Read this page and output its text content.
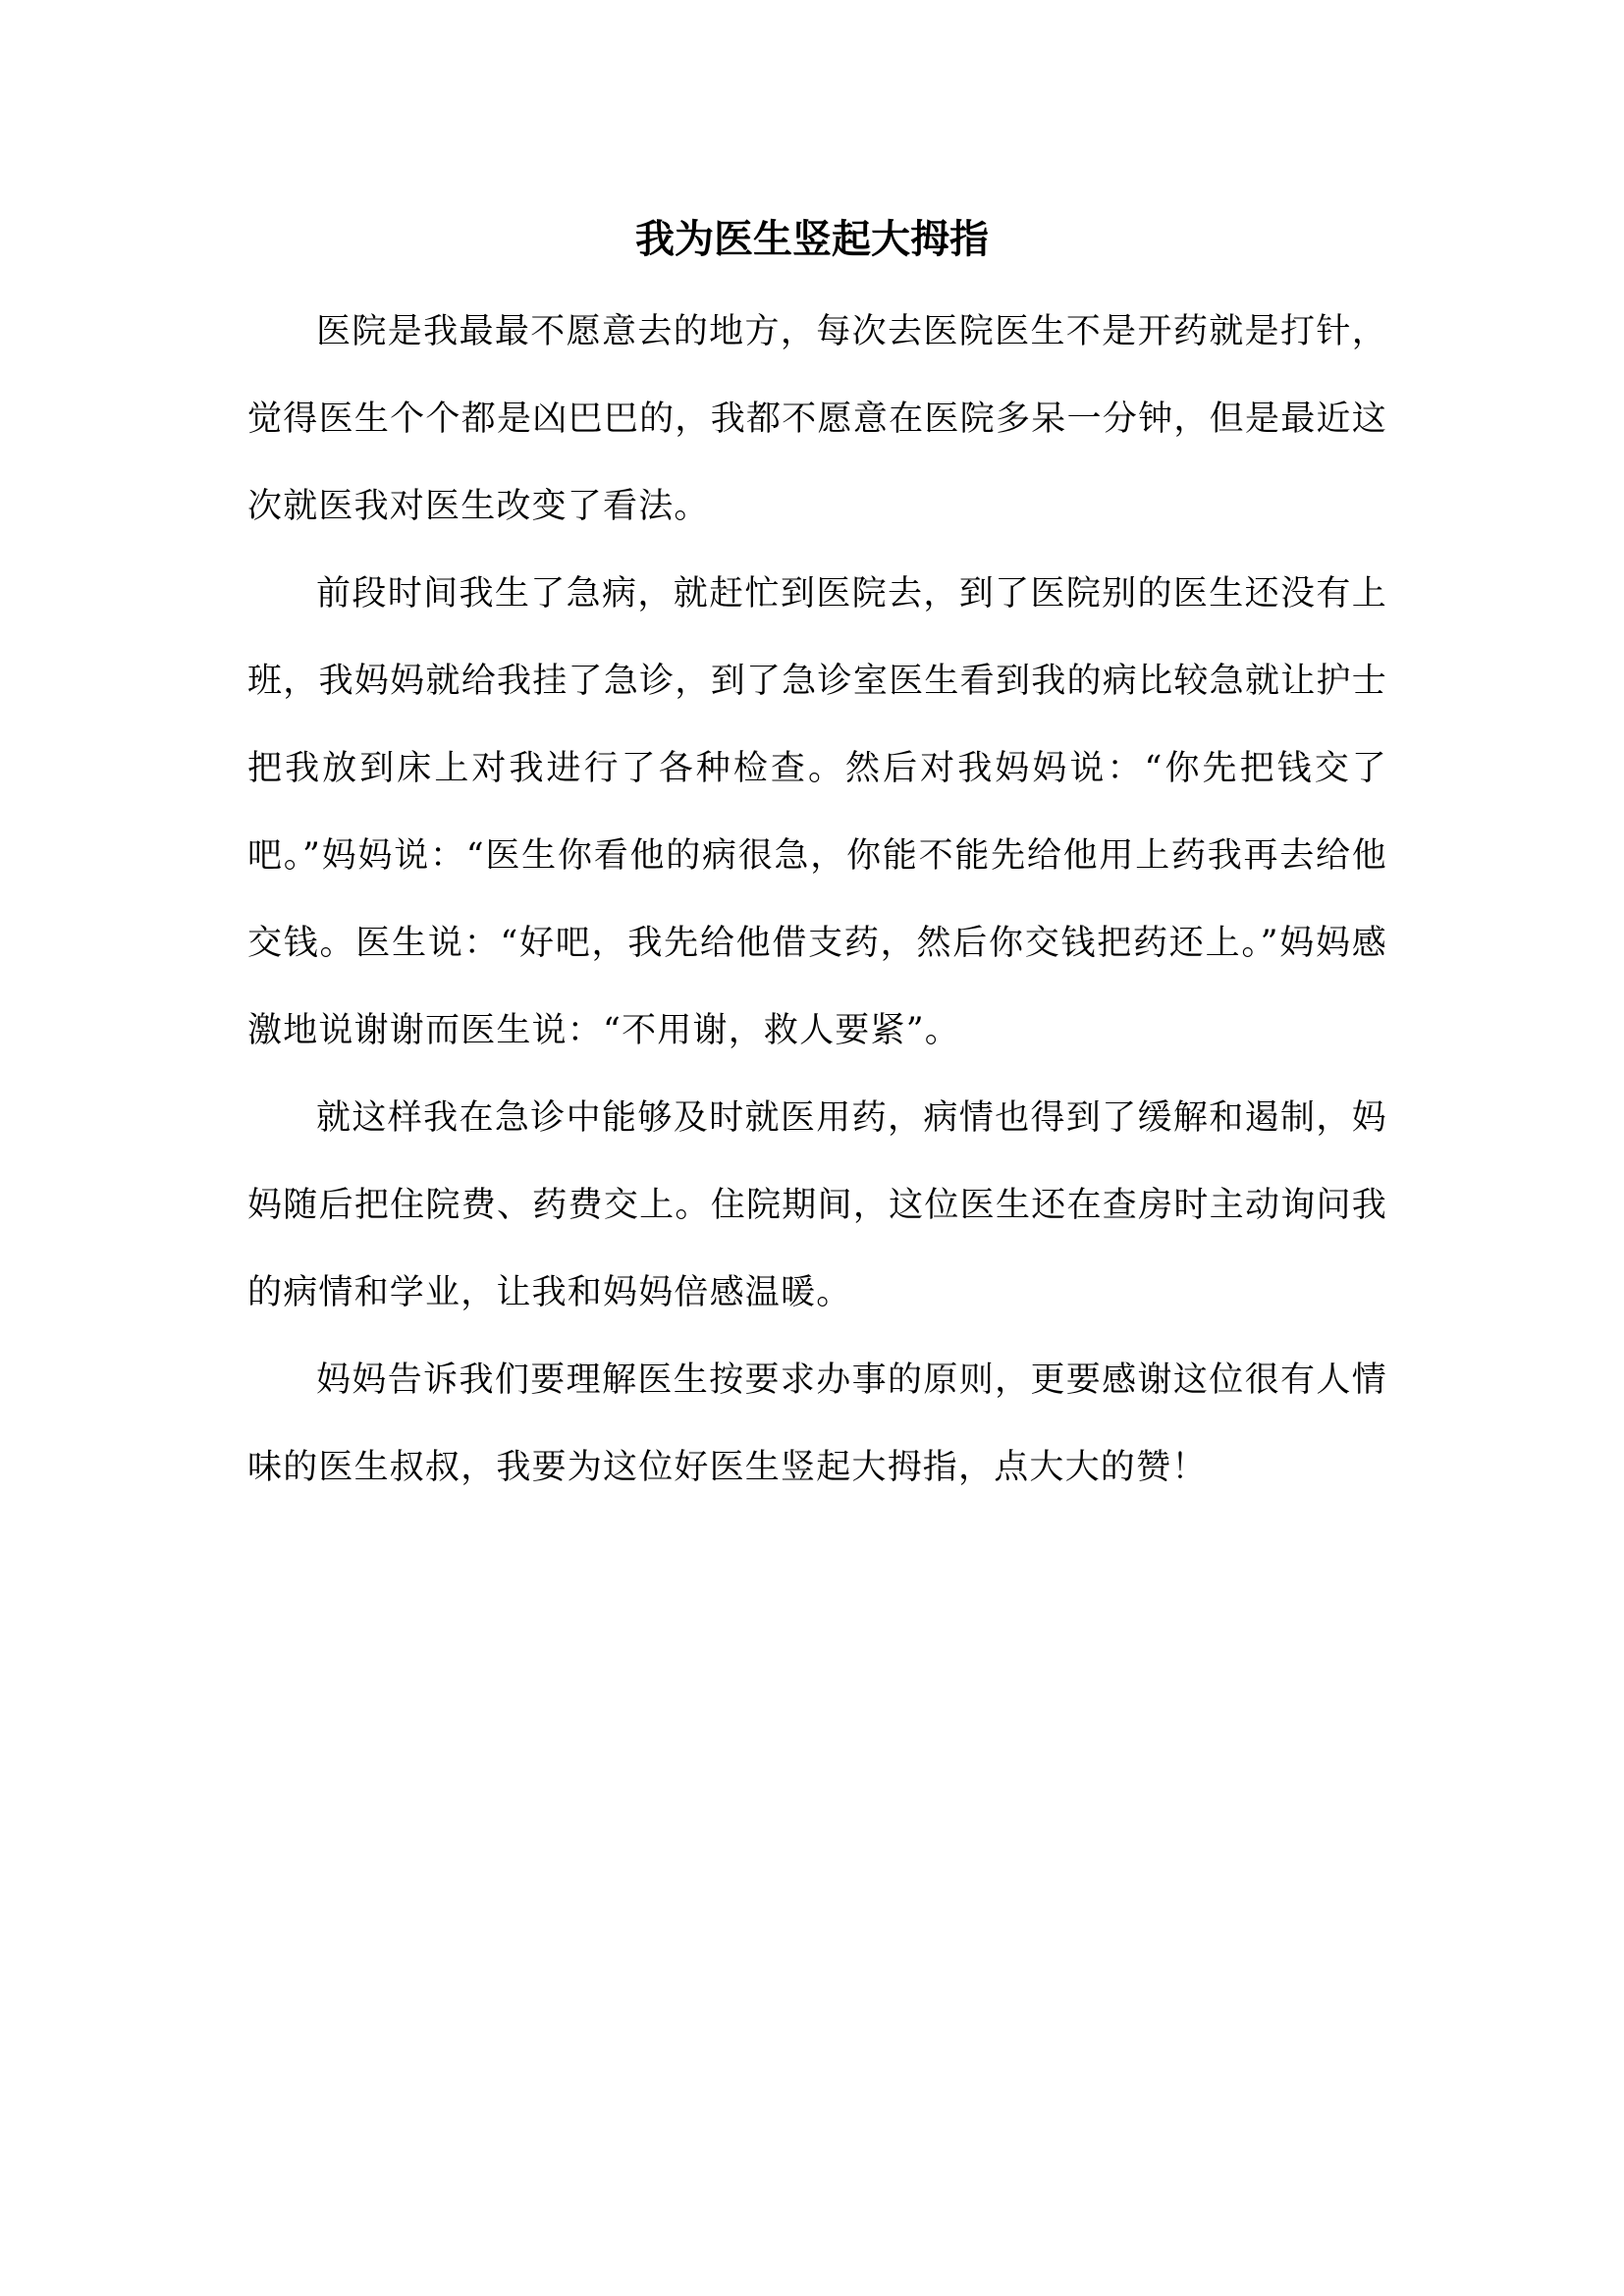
我为医生竖起大拇指

医院是我最最不愿意去的地方，每次去医院医生不是开药就是打针，觉得医生个个都是凶巴巴的，我都不愿意在医院多呆一分钟，但是最近这次就医我对医生改变了看法。

前段时间我生了急病，就赶忙到医院去，到了医院别的医生还没有上班，我妈妈就给我挂了急诊，到了急诊室医生看到我的病比较急就让护士把我放到床上对我进行了各种检查。然后对我妈妈说：“你先把钱交了吧。”妈妈说：“医生你看他的病很急，你能不能先给他用上药我再去给他交钱。医生说：“好吧，我先给他借支药，然后你交钱把药还上。”妈妈感激地说谢谢而医生说：“不用谢，救人要紧”。

就这样我在急诊中能够及时就医用药，病情也得到了缓解和遏制，妈妈随后把住院费、药费交上。住院期间，这位医生还在查房时主动询问我的病情和学业，让我和妈妈倍感温暖。

妈妈告诉我们要理解医生按要求办事的原则，更要感谢这位很有人情味的医生叔叔，我要为这位好医生竖起大拇指，点大大的赞！
